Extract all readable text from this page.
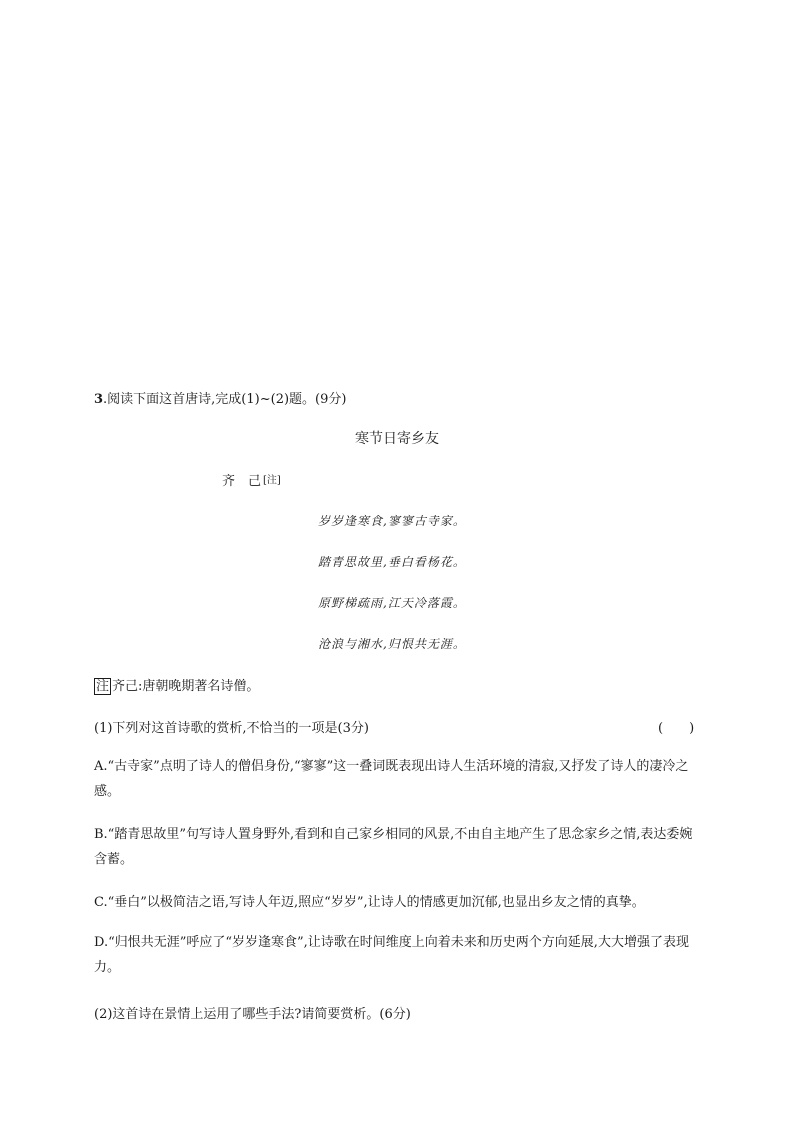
3.阅读下面这首唐诗,完成(1)~(2)题。(9分)
寒节日寄乡友
齐　己 [注]
岁岁逢寒食,寥寥古寺家。
踏青思故里,垂白看杨花。
原野梯疏雨,江天冷落霞。
沧浪与湘水,归恨共无涯。
注 齐己:唐朝晚期著名诗僧。
(1)下列对这首诗歌的赏析,不恰当的一项是(3分)	(　　)
A.“古寺家”点明了诗人的僧侣身份,“寥寥”这一叠词既表现出诗人生活环境的清寂,又抒发了诗人的凄冷之感。
B.“踏青思故里”句写诗人置身野外,看到和自己家乡相同的风景,不由自主地产生了思念家乡之情,表达委婉含蓄。
C.“垂白”以极简洁之语,写诗人年迈,照应“岁岁”,让诗人的情感更加沉郁,也显出乡友之情的真挚。
D.“归恨共无涯”呼应了“岁岁逢寒食”,让诗歌在时间维度上向着未来和历史两个方向延展,大大增强了表现力。
(2)这首诗在景情上运用了哪些手法?请简要赏析。(6分)
